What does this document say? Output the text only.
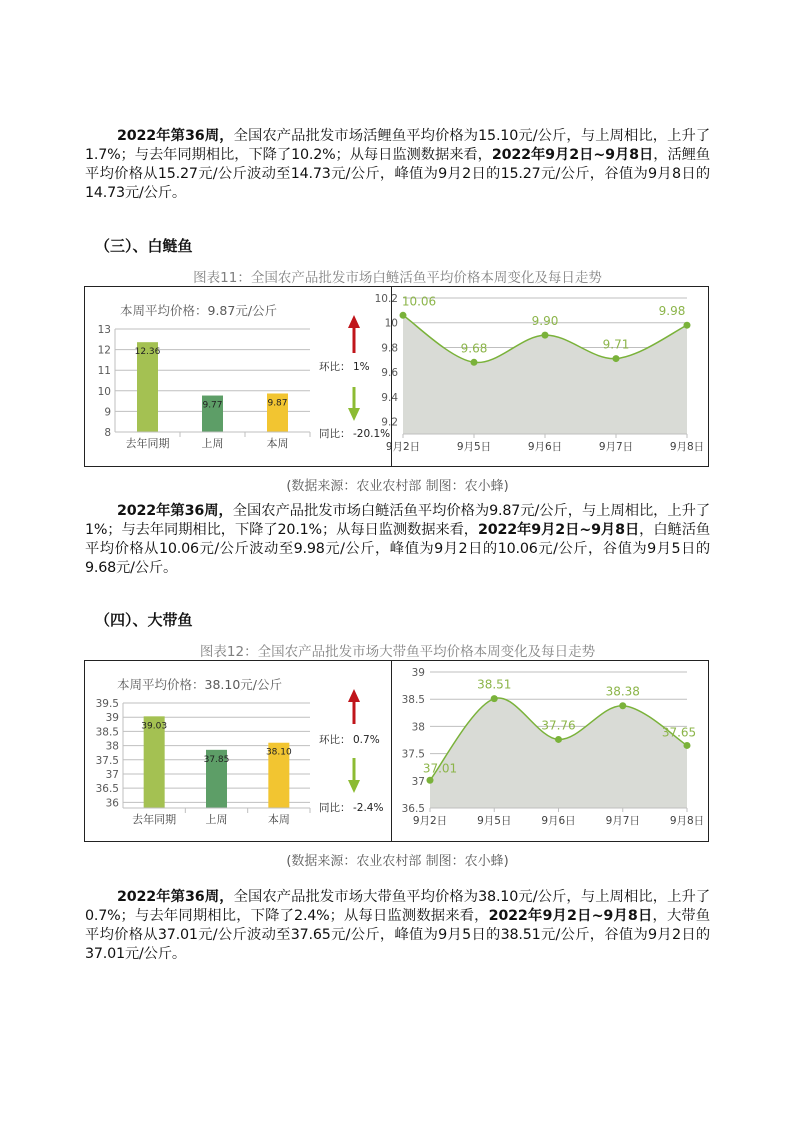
2022年第36周，全国农产品批发市场活鲤鱼平均价格为15.10元/公斤，与上周相比，上升了1.7%；与去年同期相比，下降了10.2%；从每日监测数据来看，2022年9月2日~9月8日，活鲤鱼平均价格从15.27元/公斤波动至14.73元/公斤，峰值为9月2日的15.27元/公斤，谷值为9月8日的14.73元/公斤。
（三）、白鲢鱼
图表11：全国农产品批发市场白鲢活鱼平均价格本周变化及每日走势
本周平均价格：9.87元/公斤
8
9
10
11
12
13
12.36
去年同期
9.77
上周
9.87
本周
环比： 1%
同比： -20.1%
9.2
9.4
9.6
9.8
10
10.2 10.06
9月2日
9.68
9月5日
9.90
9月6日
9.71
9月7日
9.98
9月8日
(数据来源：农业农村部 制图：农小蜂)
2022年第36周，全国农产品批发市场白鲢活鱼平均价格为9.87元/公斤，与上周相比，上升了1%；与去年同期相比，下降了20.1%；从每日监测数据来看，2022年9月2日~9月8日，白鲢活鱼平均价格从10.06元/公斤波动至9.98元/公斤，峰值为9月2日的10.06元/公斤，谷值为9月5日的9.68元/公斤。
（四）、大带鱼
图表12：全国农产品批发市场大带鱼平均价格本周变化及每日走势
本周平均价格：38.10元/公斤
36
36.5
37
37.5
38
38.5
39
39.5
39.03
去年同期
37.85
上周
38.10
本周
环比： 0.7%
同比： -2.4% 36.5
37
37.5
38
38.5
39
37.01
9月2日
38.51
9月5日
37.76
9月6日
38.38
9月7日
37.65
9月8日
(数据来源：农业农村部 制图：农小蜂)
2022年第36周，全国农产品批发市场大带鱼平均价格为38.10元/公斤，与上周相比，上升了0.7%；与去年同期相比，下降了2.4%；从每日监测数据来看，2022年9月2日~9月8日，大带鱼平均价格从37.01元/公斤波动至37.65元/公斤，峰值为9月5日的38.51元/公斤，谷值为9月2日的37.01元/公斤。
